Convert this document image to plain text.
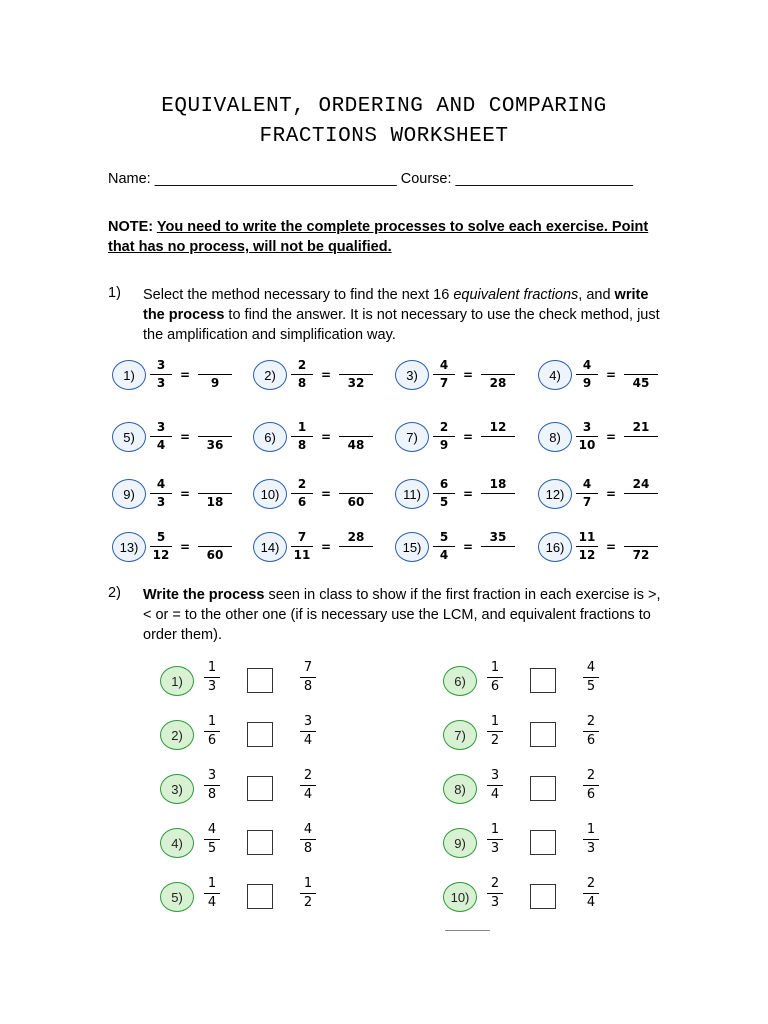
EQUIVALENT, ORDERING AND COMPARING
FRACTIONS WORKSHEET
Name: ______________________________ Course: ______________________
NOTE: You need to write the complete processes to solve each exercise. Point that has no process, will not be qualified.
1) Select the method necessary to find the next 16 equivalent fractions, and write the process to find the answer. It is not necessary to use the check method, just the amplification and simplification way.
1)
3
3
=
9
2)
2
8
=
32
3)
4
7
=
28
4)
4
9
=
45
5)
3
4
=
36
6)
1
8
=
48
7)
2
9
=
12
8)
3
10
=
21
9)
4
3
=
18
10)
2
6
=
60
11)
6
5
=
18
12)
4
7
=
24
13)
5
12
=
60
14)
7
11
=
28
15)
5
4
=
35
16)
11
12
=
72
2) Write the process seen in class to show if the first fraction in each exercise is >, < or = to the other one (if is necessary use the LCM, and equivalent fractions to order them).
1)
1
3
7
8
2)
1
6
3
4
3)
3
8
2
4
4)
4
5
4
8
5)
1
4
1
2
6)
1
6
4
5
7)
1
2
2
6
8)
3
4
2
6
9)
1
3
1
3
10)
2
3
2
4
